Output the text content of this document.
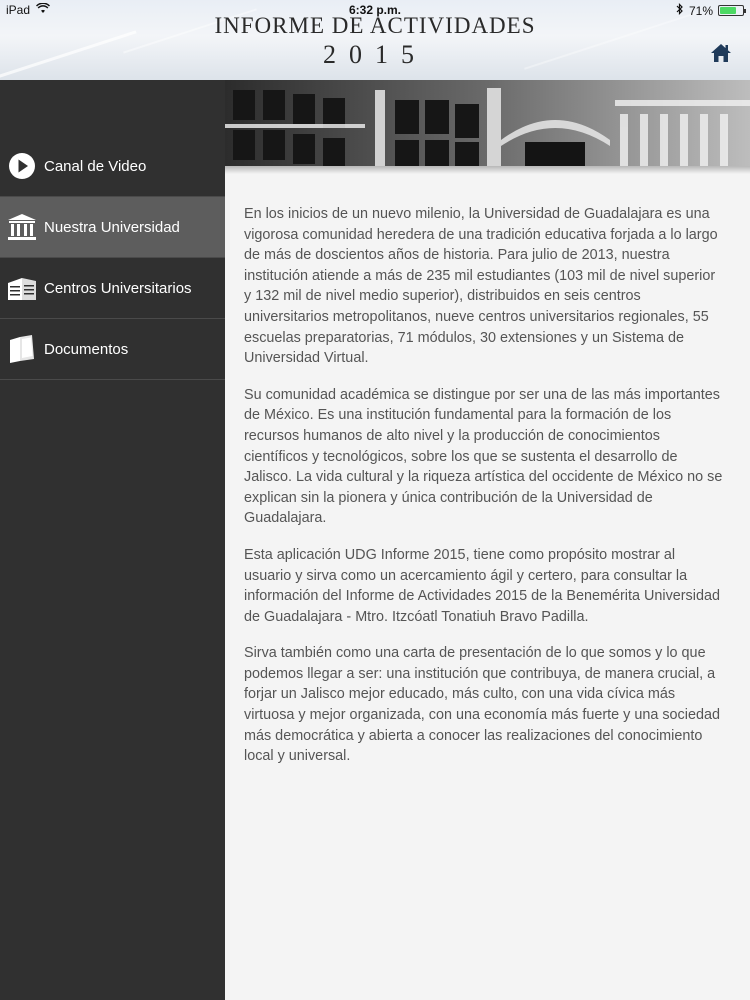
iPad	6:32 p.m.	71%
INFORME DE ACTIVIDADES
2015
Canal de Video
Nuestra Universidad
Centros Universitarios
Documentos

En los inicios de un nuevo milenio, la Universidad de Guadalajara es una vigorosa comunidad heredera de una tradición educativa forjada a lo largo de más de doscientos años de historia. Para julio de 2013, nuestra institución atiende a más de 235 mil estudiantes (103 mil de nivel superior y 132 mil de nivel medio superior), distribuidos en seis centros universitarios metropolitanos, nueve centros universitarios regionales, 55 escuelas preparatorias, 71 módulos, 30 extensiones y un Sistema de Universidad Virtual.

Su comunidad académica se distingue por ser una de las más importantes de México. Es una institución fundamental para la formación de los recursos humanos de alto nivel y la producción de conocimientos científicos y tecnológicos, sobre los que se sustenta el desarrollo de Jalisco. La vida cultural y la riqueza artística del occidente de México no se explican sin la pionera y única contribución de la Universidad de Guadalajara.

Esta aplicación UDG Informe 2015, tiene como propósito mostrar al usuario y sirva como un acercamiento ágil y certero, para consultar la información del Informe de Actividades 2015 de la Benemérita Universidad de Guadalajara - Mtro. Itzcóatl Tonatiuh Bravo Padilla.

Sirva también como una carta de presentación de lo que somos y lo que podemos llegar a ser: una institución que contribuya, de manera crucial, a forjar un Jalisco mejor educado, más culto, con una vida cívica más virtuosa y mejor organizada, con una economía más fuerte y una sociedad más democrática y abierta a conocer las realizaciones del conocimiento local y universal.
